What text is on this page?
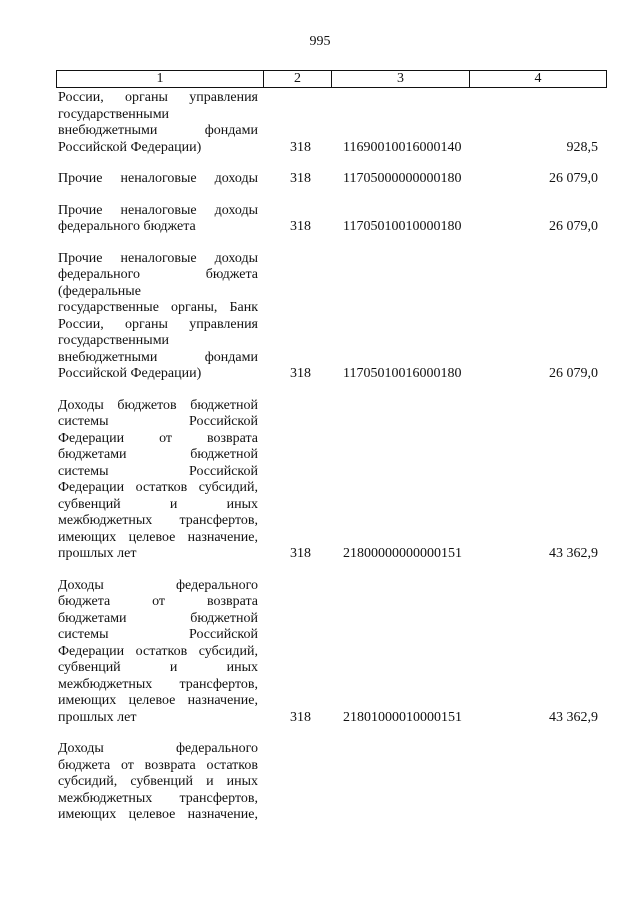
995
1	2	3	4
России, органы управления
государственными
внебюджетными фондами
Российской Федерации)	318	11690010016000140	928,5
Прочие неналоговые доходы 318	11705000000000180	26 079,0
Прочие неналоговые доходы
федерального бюджета	318	11705010010000180	26 079,0
Прочие неналоговые доходы
федерального бюджета
(федеральные
государственные органы, Банк
России, органы управления
государственными
внебюджетными фондами
Российской Федерации)	318	11705010016000180	26 079,0
Доходы бюджетов бюджетной
системы Российской
Федерации от возврата
бюджетами бюджетной
системы Российской
Федерации остатков субсидий,
субвенций и иных
межбюджетных трансфертов,
имеющих целевое назначение,
прошлых лет	318	21800000000000151	43 362,9
Доходы федерального
бюджета от возврата
бюджетами бюджетной
системы Российской
Федерации остатков субсидий,
субвенций и иных
межбюджетных трансфертов,
имеющих целевое назначение,
прошлых лет	318	21801000010000151	43 362,9
Доходы федерального
бюджета от возврата остатков
субсидий, субвенций и иных
межбюджетных трансфертов,
имеющих целевое назначение,
